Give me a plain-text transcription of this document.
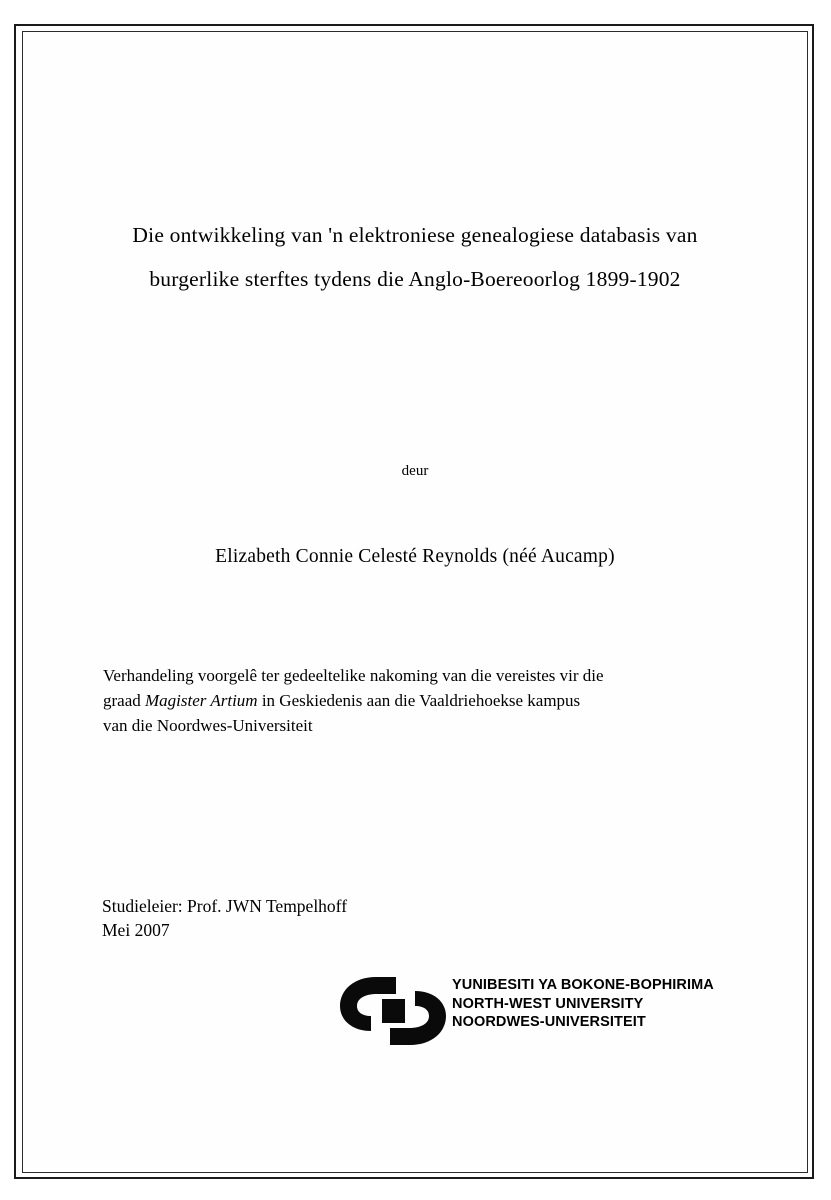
Die ontwikkeling van 'n elektroniese genealogiese databasis van
burgerlike sterftes tydens die Anglo-Boereoorlog 1899-1902
deur
Elizabeth Connie Celesté Reynolds (néé Aucamp)
Verhandeling voorgelê ter gedeeltelike nakoming van die vereistes vir die
graad Magister Artium in Geskiedenis aan die Vaaldriehoekse kampus
van die Noordwes-Universiteit
Studieleier: Prof. JWN Tempelhoff
Mei 2007
YUNIBESITI YA BOKONE-BOPHIRIMA
NORTH-WEST UNIVERSITY
NOORDWES-UNIVERSITEIT
